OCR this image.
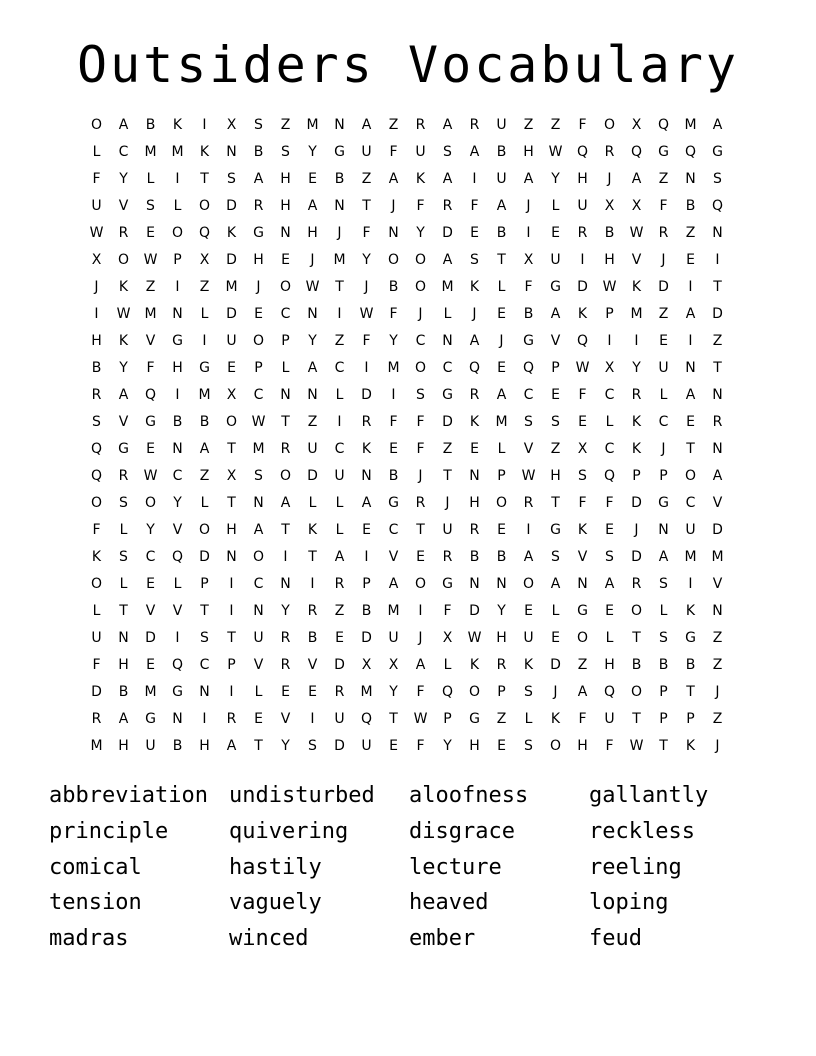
Outsiders Vocabulary
O	A	B	K	I	X	S	Z	M	N	A	Z	R	A	R	U	Z	Z	F	O	X	Q	M	A
L	C	M	M	K	N	B	S	Y	G	U	F	U	S	A	B	H	W	Q	R	Q	G	Q	G
F	Y	L	I	T	S	A	H	E	B	Z	A	K	A	I	U	A	Y	H	J	A	Z	N	S
U	V	S	L	O	D	R	H	A	N	T	J	F	R	F	A	J	L	U	X	X	F	B	Q
W	R	E	O	Q	K	G	N	H	J	F	N	Y	D	E	B	I	E	R	B	W	R	Z	N
X	O	W	P	X	D	H	E	J	M	Y	O	O	A	S	T	X	U	I	H	V	J	E	I
J	K	Z	I	Z	M	J	O	W	T	J	B	O	M	K	L	F	G	D	W	K	D	I	T
I	W	M	N	L	D	E	C	N	I	W	F	J	L	J	E	B	A	K	P	M	Z	A	D
H	K	V	G	I	U	O	P	Y	Z	F	Y	C	N	A	J	G	V	Q	I	I	E	I	Z
B	Y	F	H	G	E	P	L	A	C	I	M	O	C	Q	E	Q	P	W	X	Y	U	N	T
R	A	Q	I	M	X	C	N	N	L	D	I	S	G	R	A	C	E	F	C	R	L	A	N
S	V	G	B	B	O	W	T	Z	I	R	F	F	D	K	M	S	S	E	L	K	C	E	R
Q	G	E	N	A	T	M	R	U	C	K	E	F	Z	E	L	V	Z	X	C	K	J	T	N
Q	R	W	C	Z	X	S	O	D	U	N	B	J	T	N	P	W	H	S	Q	P	P	O	A
O	S	O	Y	L	T	N	A	L	L	A	G	R	J	H	O	R	T	F	F	D	G	C	V
F	L	Y	V	O	H	A	T	K	L	E	C	T	U	R	E	I	G	K	E	J	N	U	D
K	S	C	Q	D	N	O	I	T	A	I	V	E	R	B	B	A	S	V	S	D	A	M	M
O	L	E	L	P	I	C	N	I	R	P	A	O	G	N	N	O	A	N	A	R	S	I	V
L	T	V	V	T	I	N	Y	R	Z	B	M	I	F	D	Y	E	L	G	E	O	L	K	N
U	N	D	I	S	T	U	R	B	E	D	U	J	X	W	H	U	E	O	L	T	S	G	Z
F	H	E	Q	C	P	V	R	V	D	X	X	A	L	K	R	K	D	Z	H	B	B	B	Z
D	B	M	G	N	I	L	E	E	R	M	Y	F	Q	O	P	S	J	A	Q	O	P	T	J
R	A	G	N	I	R	E	V	I	U	Q	T	W	P	G	Z	L	K	F	U	T	P	P	Z
M	H	U	B	H	A	T	Y	S	D	U	E	F	Y	H	E	S	O	H	F	W	T	K	J
abbreviation undisturbed	aloofness	gallantly
principle	quivering	disgrace	reckless
comical	hastily	lecture	reeling
tension	vaguely	heaved	loping
madras	winced	ember	feud
